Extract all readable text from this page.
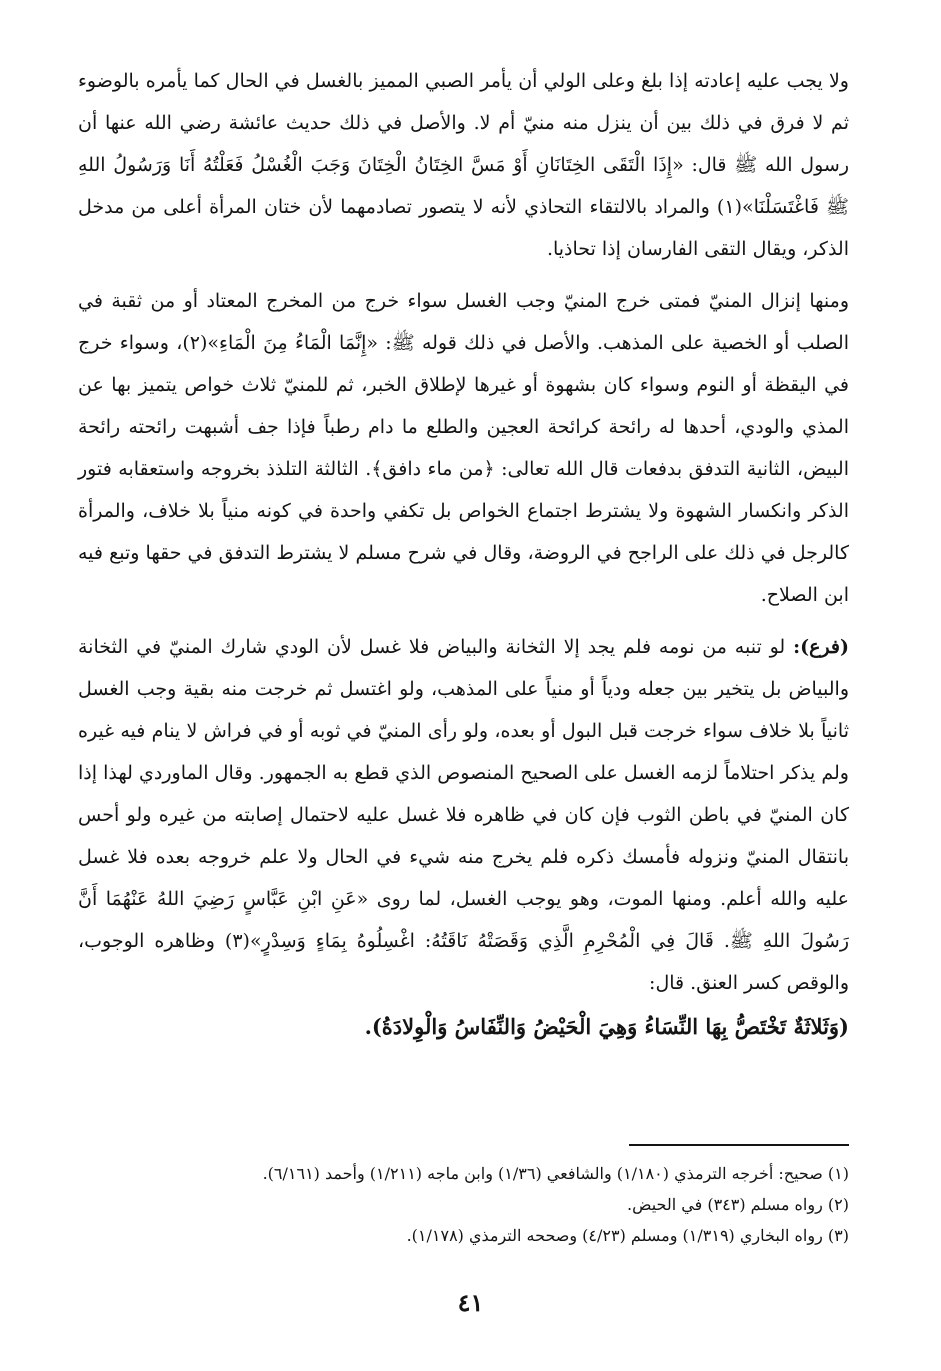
ولا يجب عليه إعادته إذا بلغ وعلى الولي أن يأمر الصبي المميز بالغسل في الحال كما يأمره بالوضوء ثم لا فرق في ذلك بين أن ينزل منه منيّ أم لا. والأصل في ذلك حديث عائشة رضي الله عنها أن رسول الله ﷺ قال: «إِذَا الْتَقَى الخِتَانَانِ أَوْ مَسَّ الخِتَانُ الْخِتَانَ وَجَبَ الْغُسْلُ فَعَلْتُهُ أَنَا وَرَسُولُ اللهِ ﷺ فَاغْتَسَلْنَا»(١) والمراد بالالتقاء التحاذي لأنه لا يتصور تصادمهما لأن ختان المرأة أعلى من مدخل الذكر، ويقال التقى الفارسان إذا تحاذيا.

ومنها إنزال المنيّ فمتى خرج المنيّ وجب الغسل سواء خرج من المخرج المعتاد أو من ثقبة في الصلب أو الخصية على المذهب. والأصل في ذلك قوله ﷺ: «إِنَّمَا الْمَاءُ مِنَ الْمَاءِ»(٢)، وسواء خرج في اليقظة أو النوم وسواء كان بشهوة أو غيرها لإطلاق الخبر، ثم للمنيّ ثلاث خواص يتميز بها عن المذي والودي، أحدها له رائحة كرائحة العجين والطلع ما دام رطباً فإذا جف أشبهت رائحته رائحة البيض، الثانية التدفق بدفعات قال الله تعالى: ﴿من ماء دافق﴾. الثالثة التلذذ بخروجه واستعقابه فتور الذكر وانكسار الشهوة ولا يشترط اجتماع الخواص بل تكفي واحدة في كونه منياً بلا خلاف، والمرأة كالرجل في ذلك على الراجح في الروضة، وقال في شرح مسلم لا يشترط التدفق في حقها وتبع فيه ابن الصلاح.

(فرع): لو تنبه من نومه فلم يجد إلا الثخانة والبياض فلا غسل لأن الودي شارك المنيّ في الثخانة والبياض بل يتخير بين جعله ودياً أو منياً على المذهب، ولو اغتسل ثم خرجت منه بقية وجب الغسل ثانياً بلا خلاف سواء خرجت قبل البول أو بعده، ولو رأى المنيّ في ثوبه أو في فراش لا ينام فيه غيره ولم يذكر احتلاماً لزمه الغسل على الصحيح المنصوص الذي قطع به الجمهور. وقال الماوردي لهذا إذا كان المنيّ في باطن الثوب فإن كان في ظاهره فلا غسل عليه لاحتمال إصابته من غيره ولو أحس بانتقال المنيّ ونزوله فأمسك ذكره فلم يخرج منه شيء في الحال ولا علم خروجه بعده فلا غسل عليه والله أعلم. ومنها الموت، وهو يوجب الغسل، لما روى «عَنِ ابْنِ عَبَّاسٍ رَضِيَ اللهُ عَنْهُمَا أَنَّ رَسُولَ اللهِ ﷺ. قَالَ فِي الْمُحْرِمِ الَّذِي وَقَصَتْهُ نَاقَتُهُ: اغْسِلُوهُ بِمَاءٍ وَسِدْرٍ»(٣) وظاهره الوجوب، والوقص كسر العنق. قال:

(وَثَلاثَةٌ تَخْتَصُّ بِهَا النِّسَاءُ وَهِيَ الْحَيْضُ وَالنِّفَاسُ وَالْوِلادَةُ).

(١) صحيح: أخرجه الترمذي (١/١٨٠) والشافعي (١/٣٦) وابن ماجه (١/٢١١) وأحمد (٦/١٦١).

(٢) رواه مسلم (٣٤٣) في الحيض.

(٣) رواه البخاري (١/٣١٩) ومسلم (٤/٢٣) وصححه الترمذي (١/١٧٨).

٤١
